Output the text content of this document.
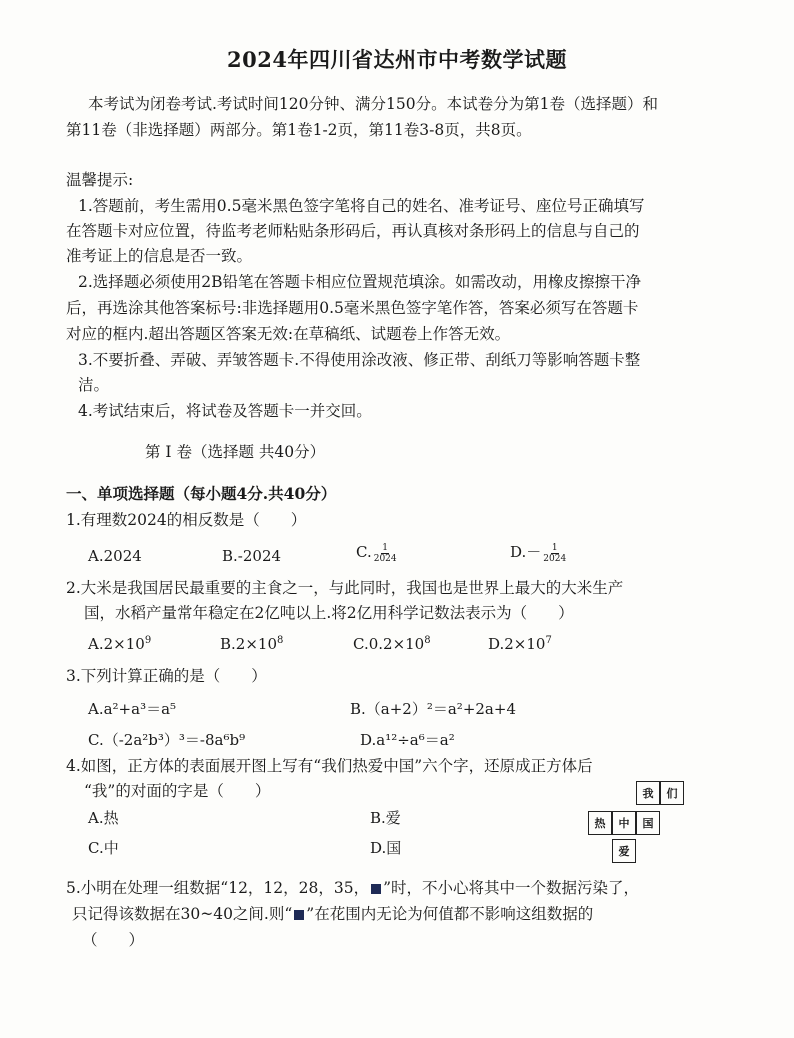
2024年四川省达州市中考数学试题
本考试为闭卷考试.考试时间120分钟、满分150分。本试卷分为第1卷（选择题）和
第11卷（非选择题）两部分。第1卷1-2页，第11卷3-8页，共8页。
温馨提示:
1.答题前，考生需用0.5毫米黑色签字笔将自己的姓名、准考证号、座位号正确填写
在答题卡对应位置，待监考老师粘贴条形码后，再认真核对条形码上的信息与自己的
准考证上的信息是否一致。
2.选择题必须使用2B铅笔在答题卡相应位置规范填涂。如需改动，用橡皮擦擦干净
后，再选涂其他答案标号:非选择题用0.5毫米黑色签字笔作答，答案必须写在答题卡
对应的框内.超出答题区答案无效:在草稿纸、试题卷上作答无效。
3.不要折叠、弄破、弄皱答题卡.不得使用涂改液、修正带、刮纸刀等影响答题卡整
洁。
4.考试结束后，将试卷及答题卡一并交回。
第 I 卷（选择题 共40分）
一、单项选择题（每小题4分.共40分）
1.有理数2024的相反数是（　　）
A.2024	B.-2024	C. $\frac{1}{2024}$	$D.- \frac{1}{2024}$
2.大米是我国居民最重要的主食之一，与此同时，我国也是世界上最大的大米生产
国，水稻产量常年稳定在2亿吨以上.将2亿用科学记数法表示为（　　）
$A.2\times 10^9$	$B.2\times 10^8$	$C.0.2\times 10^8$	$D.2\times 10^7$
3.下列计算正确的是（　　）
A.a²+a³＝a⁵	B.（a+2）²＝a²+2a+4
C.（-2a²b³）³＝-8a⁶b⁹	D.a¹²÷a⁶＝a²
4.如图，正方体的表面展开图上写有“我们热爱中国”六个字，还原成正方体后
“我”的对面的字是（　　）
A.热	B.爱
C.中	D.国
我	们
热	中	国
爱
5.小明在处理一组数据“12，12，28，35， ”时，不小心将其中一个数据污染了，
只记得该数据在30~40之间.则“ ”在花围内无论为何值都不影响这组数据的
（　　）
